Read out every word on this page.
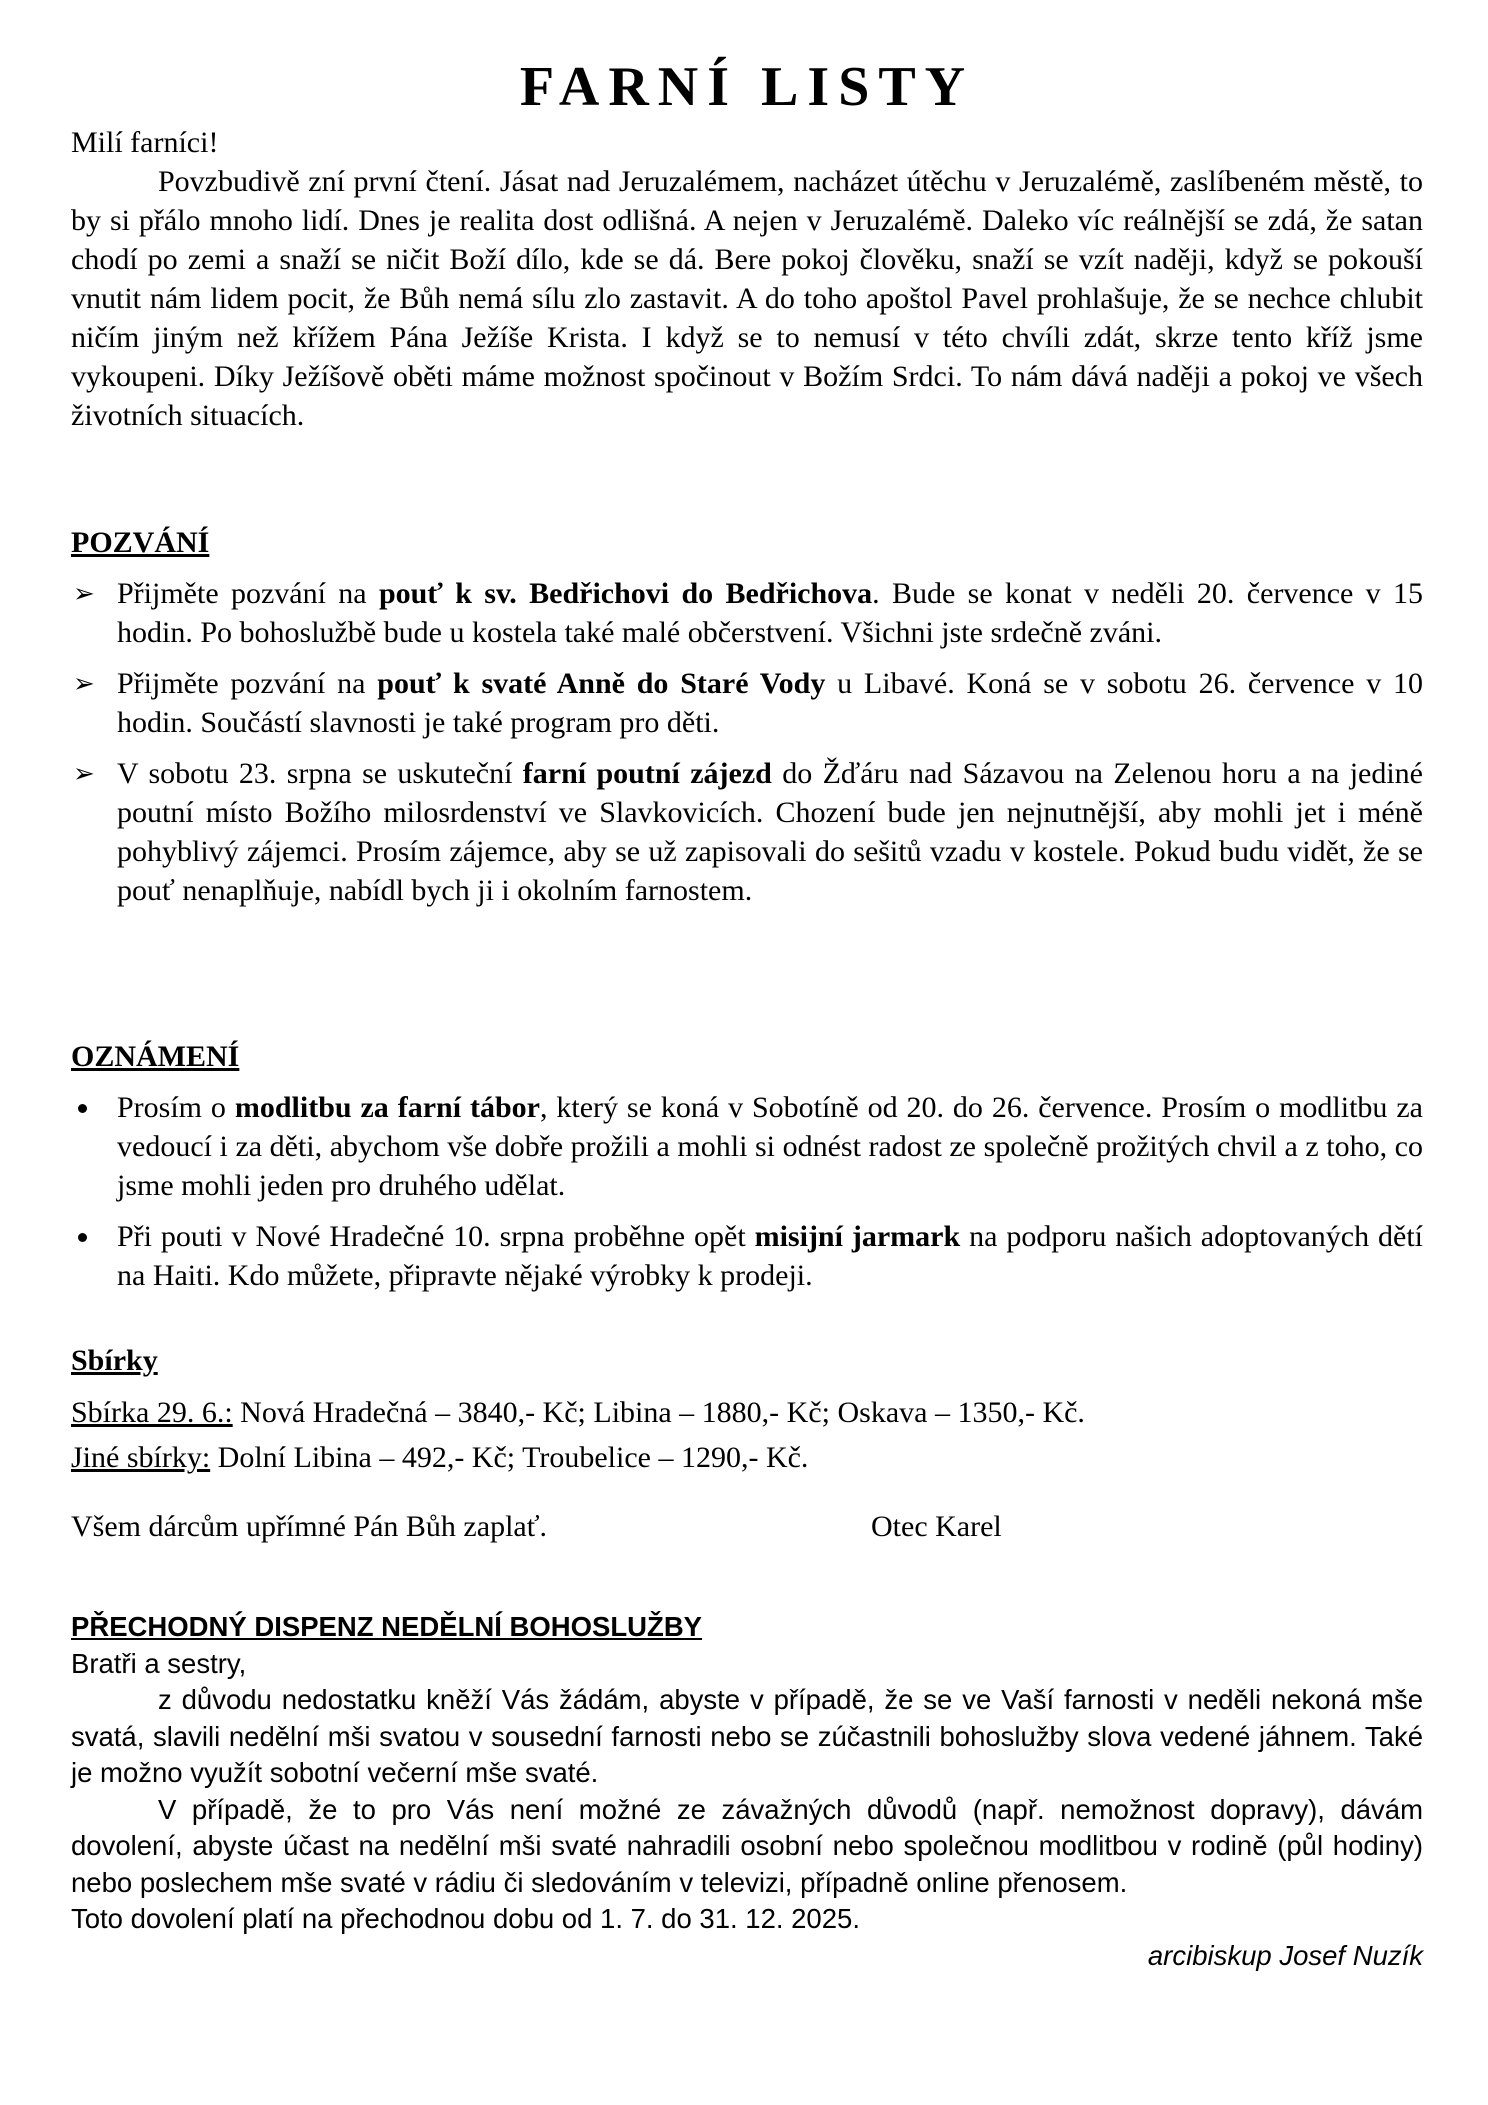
FARNÍ LISTY

Milí farníci!

Povzbudivě zní první čtení. Jásat nad Jeruzalémem, nacházet útěchu v Jeruzalémě, zaslíbeném městě, to by si přálo mnoho lidí. Dnes je realita dost odlišná. A nejen v Jeruzalémě. Daleko víc reálnější se zdá, že satan chodí po zemi a snaží se ničit Boží dílo, kde se dá. Bere pokoj člověku, snaží se vzít naději, když se pokouší vnutit nám lidem pocit, že Bůh nemá sílu zlo zastavit. A do toho apoštol Pavel prohlašuje, že se nechce chlubit ničím jiným než křížem Pána Ježíše Krista. I když se to nemusí v této chvíli zdát, skrze tento kříž jsme vykoupeni. Díky Ježíšově oběti máme možnost spočinout v Božím Srdci. To nám dává naději a pokoj ve všech životních situacích.

POZVÁNÍ

➢ Přijměte pozvání na pouť k sv. Bedřichovi do Bedřichova. Bude se konat v neděli 20. července v 15 hodin. Po bohoslužbě bude u kostela také malé občerstvení. Všichni jste srdečně zváni.
➢ Přijměte pozvání na pouť k svaté Anně do Staré Vody u Libavé. Koná se v sobotu 26. července v 10 hodin. Součástí slavnosti je také program pro děti.
➢ V sobotu 23. srpna se uskuteční farní poutní zájezd do Žďáru nad Sázavou na Zelenou horu a na jediné poutní místo Božího milosrdenství ve Slavkovicích. Chození bude jen nejnutnější, aby mohli jet i méně pohyblivý zájemci. Prosím zájemce, aby se už zapisovali do sešitů vzadu v kostele. Pokud budu vidět, že se pouť nenaplňuje, nabídl bych ji i okolním farnostem.

OZNÁMENÍ

Prosím o modlitbu za farní tábor, který se koná v Sobotíně od 20. do 26. července. Prosím o modlitbu za vedoucí i za děti, abychom vše dobře prožili a mohli si odnést radost ze společně prožitých chvil a z toho, co jsme mohli jeden pro druhého udělat.
Při pouti v Nové Hradečné 10. srpna proběhne opět misijní jarmark na podporu našich adoptovaných dětí na Haiti. Kdo můžete, připravte nějaké výrobky k prodeji.

Sbírky

Sbírka 29. 6.: Nová Hradečná – 3840,- Kč; Libina – 1880,- Kč; Oskava – 1350,- Kč.

Jiné sbírky: Dolní Libina – 492,- Kč; Troubelice – 1290,- Kč.

Všem dárcům upřímné Pán Bůh zaplať.	Otec Karel

PŘECHODNÝ DISPENZ NEDĚLNÍ BOHOSLUŽBY

Bratři a sestry,

z důvodu nedostatku kněží Vás žádám, abyste v případě, že se ve Vaší farnosti v neděli nekoná mše svatá, slavili nedělní mši svatou v sousední farnosti nebo se zúčastnili bohoslužby slova vedené jáhnem. Také je možno využít sobotní večerní mše svaté.

V případě, že to pro Vás není možné ze závažných důvodů (např. nemožnost dopravy), dávám dovolení, abyste účast na nedělní mši svaté nahradili osobní nebo společnou modlitbou v rodině (půl hodiny) nebo poslechem mše svaté v rádiu či sledováním v televizi, případně online přenosem.

Toto dovolení platí na přechodnou dobu od 1. 7. do 31. 12. 2025.

arcibiskup Josef Nuzík
